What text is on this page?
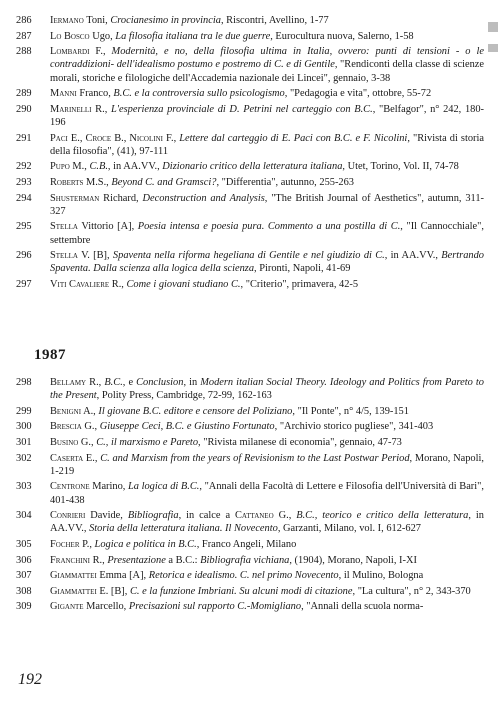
286	Iermano Toni, Crocianesimo in provincia, Riscontri, Avellino, 1-77
287	Lo Bosco Ugo, La filosofia italiana tra le due guerre, Eurocultura nuova, Salerno, 1-58
288	Lombardi F., Modernità, e no, della filosofia ultima in Italia, ovvero: punti di tensioni - o le contraddizioni- dell'idealismo postumo e postremo di C. e di Gentile, "Rendiconti della classe di scienze morali, storiche e filologiche dell'Accademia nazionale dei Lincei", gennaio, 3-38
289	Manni Franco, B.C. e la controversia sullo psicologismo, "Pedagogia e vita", ottobre, 55-72
290	Marinelli R., L'esperienza provinciale di D. Petrini nel carteggio con B.C., "Belfagor", n° 242, 180-196
291	Paci E., Croce B., Nicolini F., Lettere dal carteggio di E. Paci con B.C. e F. Nicolini, "Rivista di storia della filosofia", (41), 97-111
292	Pupo M., C.B., in AA.VV., Dizionario critico della letteratura italiana, Utet, Torino, Vol. II, 74-78
293	Roberts M.S., Beyond C. and Gramsci?, "Differentia", autunno, 255-263
294	Shusterman Richard, Deconstruction and Analysis, "The British Journal of Aesthetics", autumn, 311-327
295	Stella Vittorio [A], Poesia intensa e poesia pura. Commento a una postilla di C., "Il Cannocchiale", settembre
296	Stella V. [B], Spaventa nella riforma hegeliana di Gentile e nel giudizio di C., in AA.VV., Bertrando Spaventa. Dalla scienza alla logica della scienza, Pironti, Napoli, 41-69
297	Viti Cavaliere R., Come i giovani studiano C., "Criterio", primavera, 42-5
1987
298	Bellamy R., B.C., e Conclusion, in Modern italian Social Theory. Ideology and Politics from Pareto to the Present, Polity Press, Cambridge, 72-99, 162-163
299	Benigni A., Il giovane B.C. editore e censore del Poliziano, "Il Ponte", n° 4/5, 139-151
300	Brescia G., Giuseppe Ceci, B.C. e Giustino Fortunato, "Archivio storico pugliese", 341-403
301	Busino G., C., il marxismo e Pareto, "Rivista milanese di economia", gennaio, 47-73
302	Caserta E., C. and Marxism from the years of Revisionism to the Last Postwar Period, Morano, Napoli, 1-219
303	Centrone Marino, La logica di B.C., "Annali della Facoltà di Lettere e Filosofia dell'Università di Bari", 401-438
304	Conrieri Davide, Bibliografia, in calce a Cattaneo G., B.C., teorico e critico della letteratura, in AA.VV., Storia della letteratura italiana. Il Novecento, Garzanti, Milano, vol. I, 612-627
305	Focher P., Logica e politica in B.C., Franco Angeli, Milano
306	Franchini R., Presentazione a B.C.: Bibliografia vichiana, (1904), Morano, Napoli, I-XI
307	Giammattei Emma [A], Retorica e idealismo. C. nel primo Novecento, il Mulino, Bologna
308	Giammattei E. [B], C. e la funzione Imbriani. Su alcuni modi di citazione, "La cultura", n° 2, 343-370
309	Gigante Marcello, Precisazioni sul rapporto C.-Momigliano, "Annali della scuola norma-
192
